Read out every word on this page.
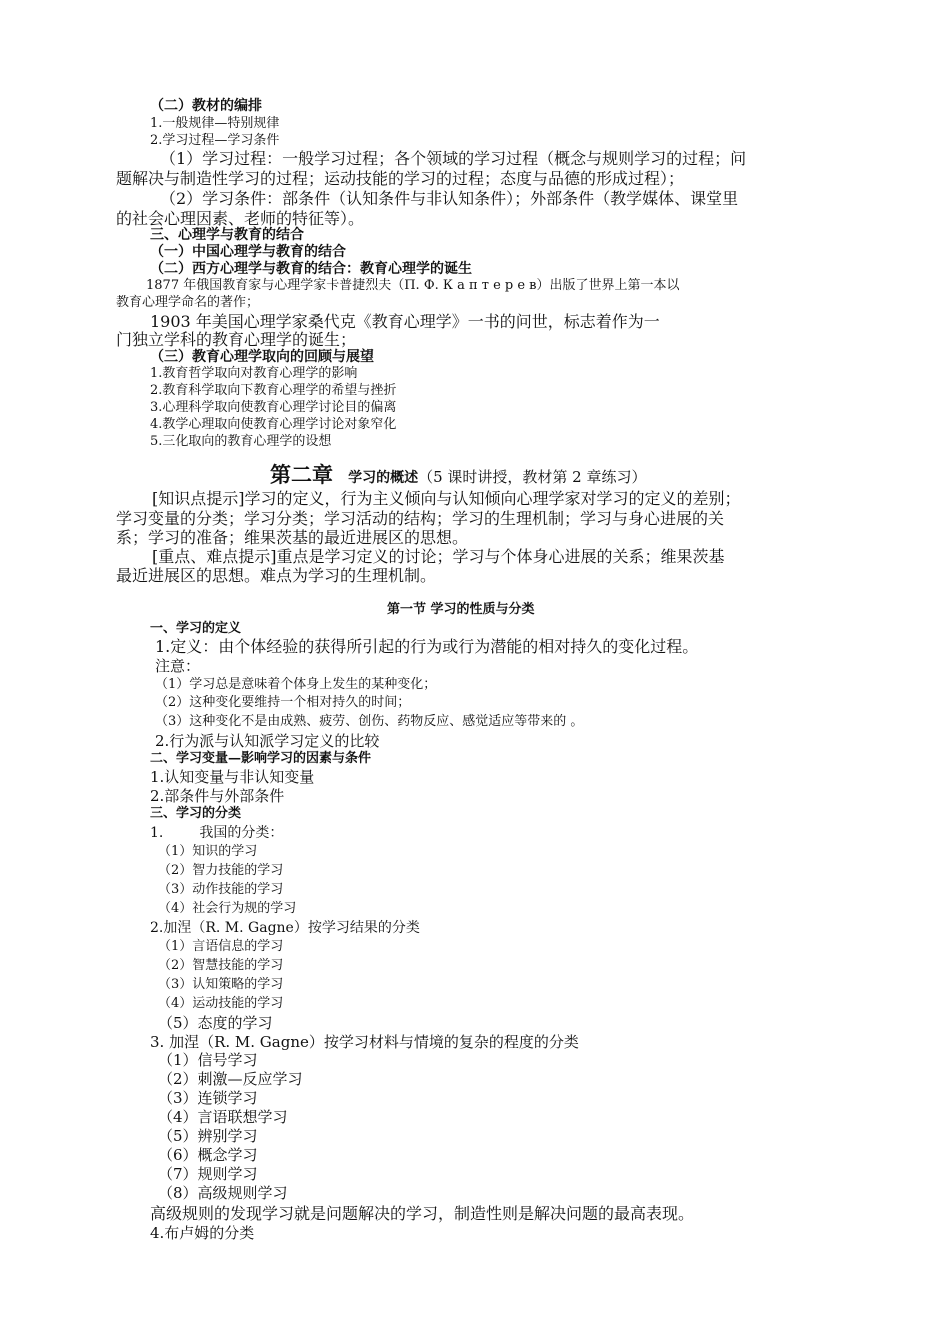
（二）教材的编排
1.一般规律—特别规律
2.学习过程—学习条件
（1）学习过程：一般学习过程；各个领域的学习过程（概念与规则学习的过程；问
题解决与制造性学习的过程；运动技能的学习的过程；态度与品德的形成过程）；
（2）学习条件：部条件（认知条件与非认知条件）；外部条件（教学媒体、课堂里
的社会心理因素、老师的特征等）。
三、心理学与教育的结合
（一）中国心理学与教育的结合
（二）西方心理学与教育的结合：教育心理学的诞生
1877 年俄国教育家与心理学家卡普捷烈夫（П. Ф. К а п т е р е в）出版了世界上第一本以
教育心理学命名的著作；
1903 年美国心理学家桑代克《教育心理学》一书的问世，标志着作为一
门独立学科的教育心理学的诞生；
（三）教育心理学取向的回顾与展望
1.教育哲学取向对教育心理学的影响
2.教育科学取向下教育心理学的希望与挫折
3.心理科学取向使教育心理学讨论目的偏离
4.教学心理取向使教育心理学讨论对象窄化
5.三化取向的教育心理学的设想
第二章 学习的概述（5 课时讲授，教材第 2 章练习）
[知识点提示]学习的定义，行为主义倾向与认知倾向心理学家对学习的定义的差别；
学习变量的分类；学习分类；学习活动的结构；学习的生理机制；学习与身心进展的关
系；学习的准备；维果茨基的最近进展区的思想。
[重点、难点提示]重点是学习定义的讨论；学习与个体身心进展的关系；维果茨基
最近进展区的思想。难点为学习的生理机制。
第一节 学习的性质与分类
一、学习的定义
1.定义：由个体经验的获得所引起的行为或行为潜能的相对持久的变化过程。
注意：
（1）学习总是意味着个体身上发生的某种变化；
（2）这种变化要维持一个相对持久的时间；
（3）这种变化不是由成熟、疲劳、创伤、药物反应、感觉适应等带来的 。
2.行为派与认知派学习定义的比较
二、学习变量—影响学习的因素与条件
1.认知变量与非认知变量
2.部条件与外部条件
三、学习的分类
1.	我国的分类：
（1）知识的学习
（2）智力技能的学习
（3）动作技能的学习
（4）社会行为规的学习
2.加涅（R. M. Gagne）按学习结果的分类
（1）言语信息的学习
（2）智慧技能的学习
（3）认知策略的学习
（4）运动技能的学习
（5）态度的学习
3. 加涅（R. M. Gagne）按学习材料与情境的复杂的程度的分类
（1）信号学习
（2）刺激—反应学习
（3）连锁学习
（4）言语联想学习
（5）辨别学习
（6）概念学习
（7）规则学习
（8）高级规则学习
高级规则的发现学习就是问题解决的学习，制造性则是解决问题的最高表现。
4.布卢姆的分类
